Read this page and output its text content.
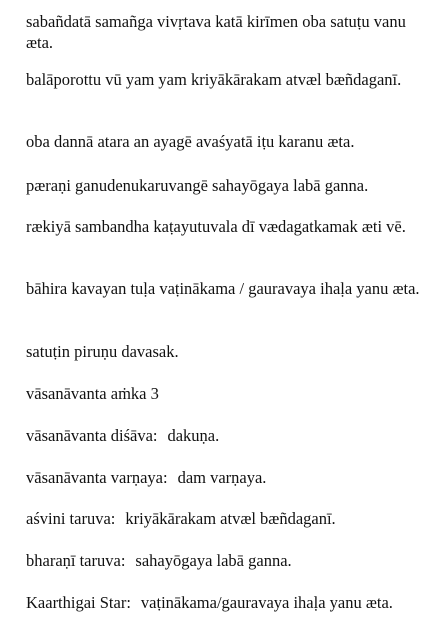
sabañdatā samañga vivṛtava katā kirīmen oba satuṭu vanu æta.

balāporottu vū yam yam kriyākārakam atvæl bæñdaganī.

oba dannā atara an ayagē avaśyatā iṭu karanu æta.

pæraṇi ganudenukaruvangē sahayōgaya labā ganna.

rækiyā sambandha kaṭayutuvala dī vædagatkamak æti vē.

bāhira kavayan tuḷa vaṭinākama / gauravaya ihaḷa yanu æta.

satuṭin piruṇu davasak.

vāsanāvanta aṁka 3

vāsanāvanta diśāva: dakuṇa.

vāsanāvanta varṇaya: dam varṇaya.

aśvini taruva: kriyākārakam atvæl bæñdaganī.

bharaṇī taruva: sahayōgaya labā ganna.

Kaarthigai Star: vaṭinākama/gauravaya ihaḷa yanu æta.
